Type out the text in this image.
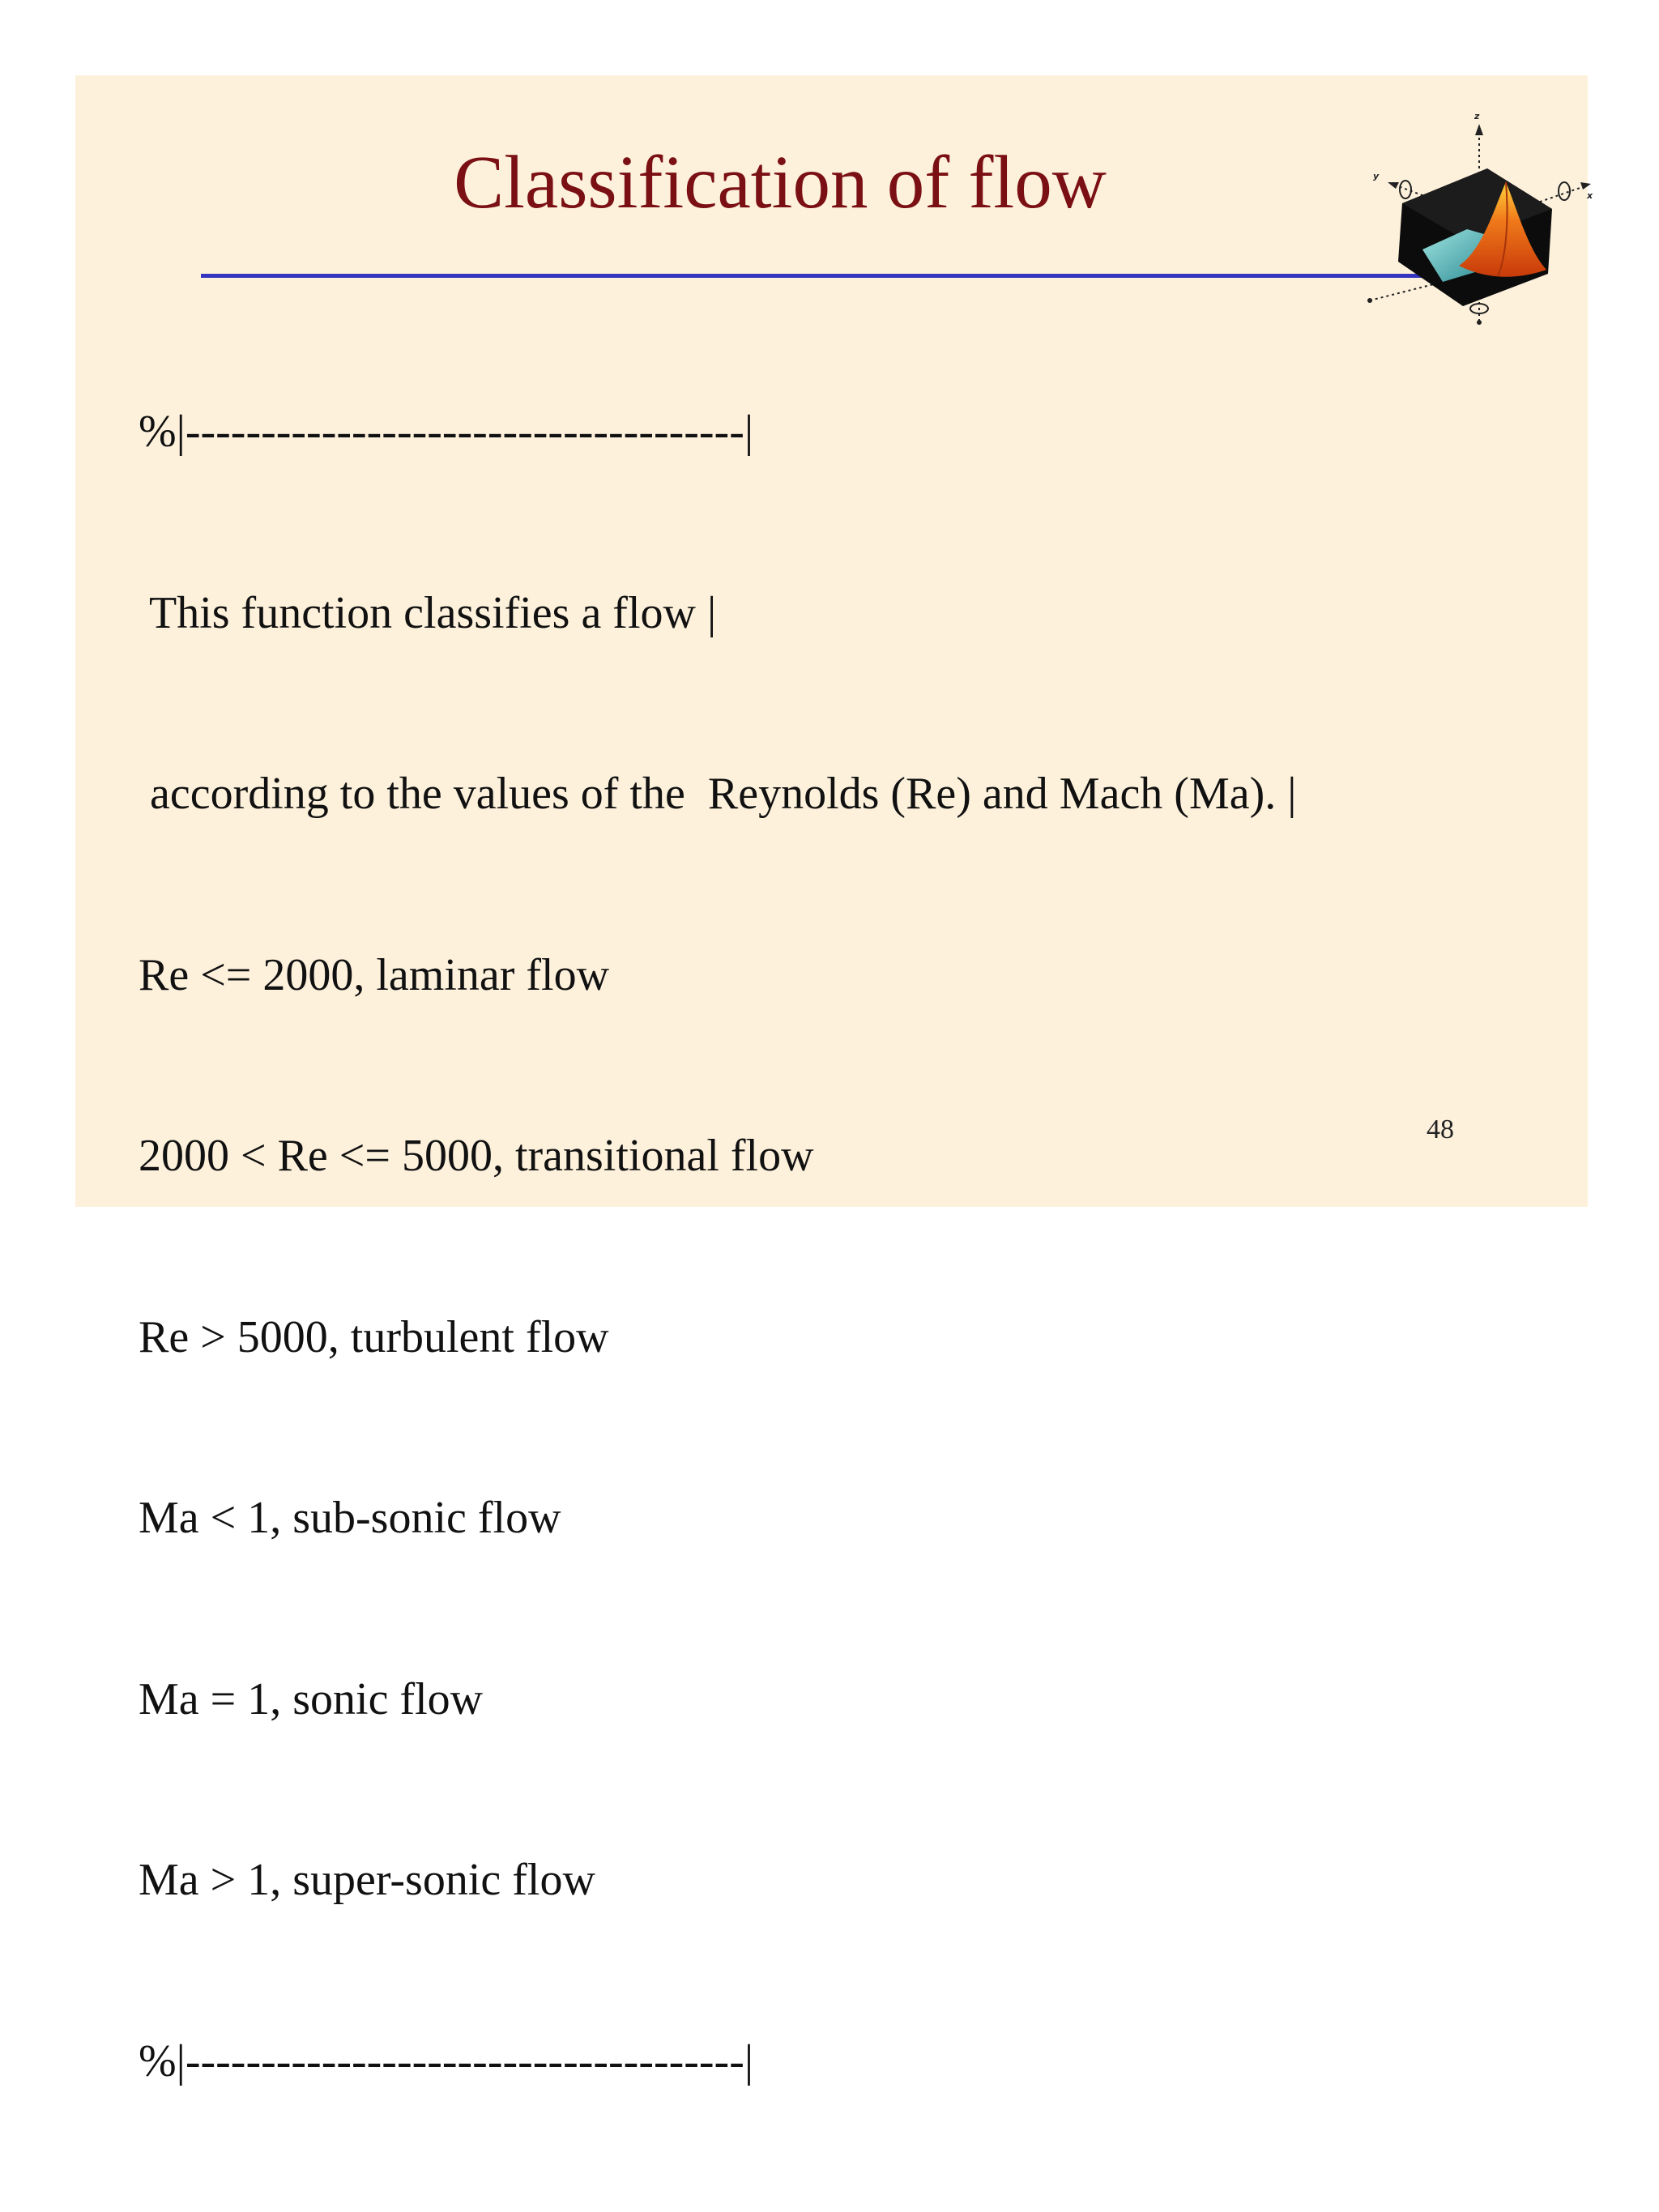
Classification of flow
z
y
x

%|-------------------------------------|

This function classifies a flow |

according to the values of the  Reynolds (Re) and Mach (Ma). |

Re <= 2000, laminar flow

2000 < Re <= 5000, transitional flow

Re > 5000, turbulent flow

Ma < 1, sub-sonic flow

Ma = 1, sonic flow

Ma > 1, super-sonic flow

%|-------------------------------------|

48
